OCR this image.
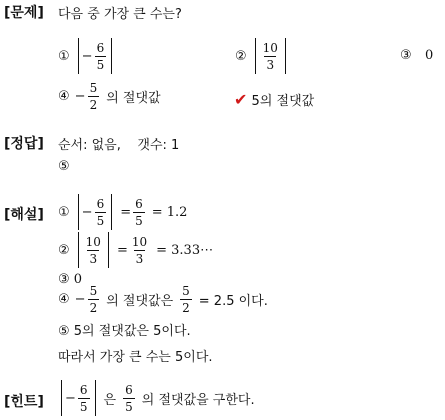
[문제] 다음 중 가장 큰 수는?
① − $\frac{6}{5}$	② $\frac{10}{3}$	③ 0
④ − $\frac{5}{2}$ 의 절댓값	✔ 5의 절댓값
[정답] 순서: 없음,    갯수: 1
⑤
[해설] ① − $\frac{6}{5} = \frac{6}{5} = 1.2$
② $\frac{10}{3} = \frac{10}{3}$ = 3.33⋯
③ 0
④ − $\frac{5}{2}$ 의 절댓값은 $\frac{5}{2} = 2.5$ 이다.
⑤ 5의 절댓값은 5이다.
따라서 가장 큰 수는 5이다.
[힌트] − $\frac{6}{5}$ 은 $\frac{6}{5}$ 의 절댓값을 구한다.
